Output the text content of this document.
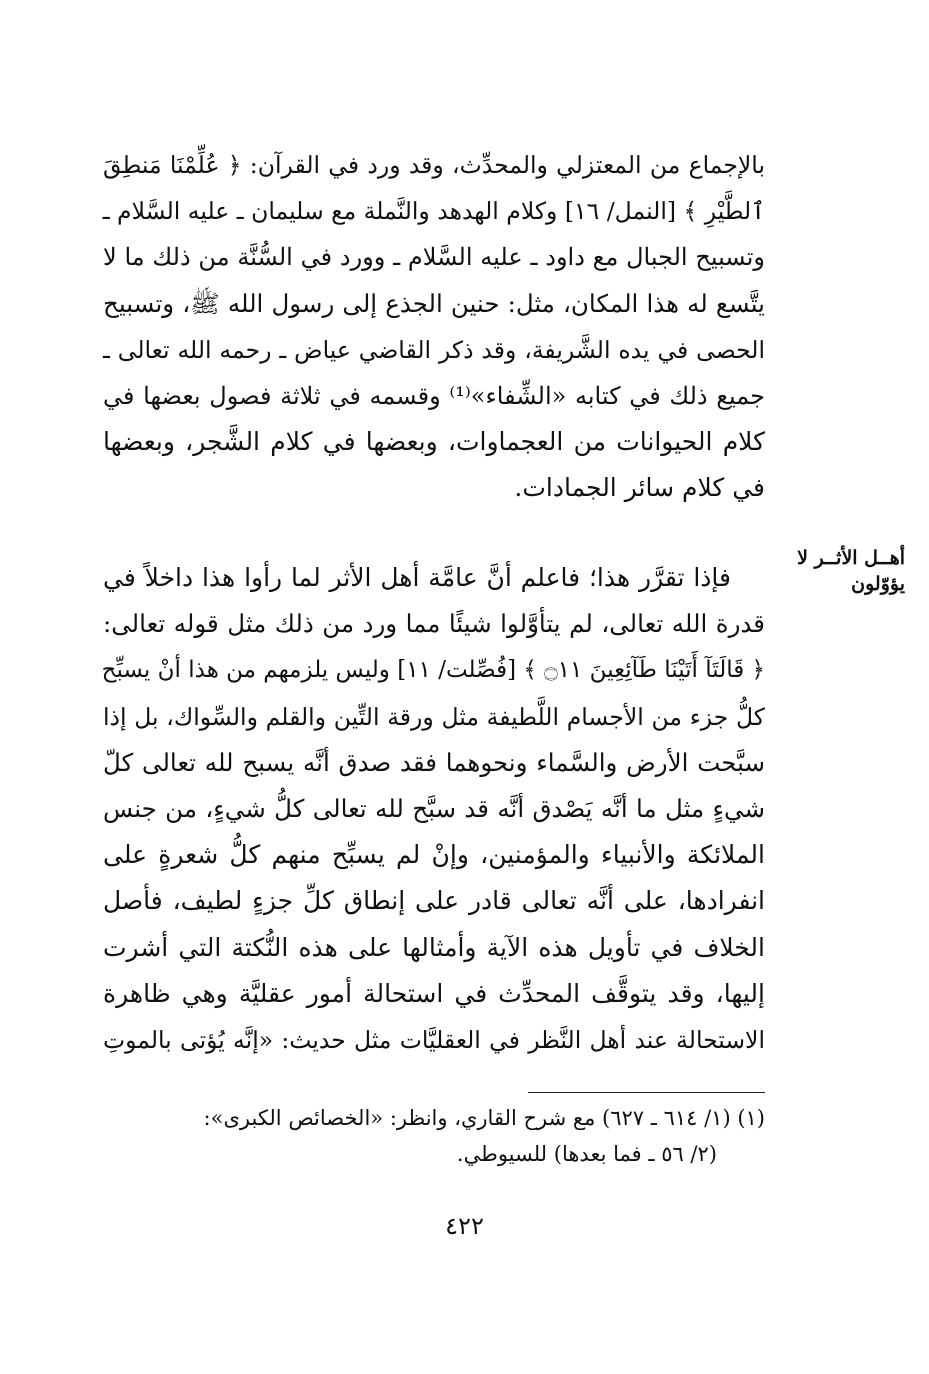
بالإجماع من المعتزلي والمحدِّث، وقد ورد في القرآن: ﴿ عُلِّمْنَا مَنطِقَ
ٱلطَّيْرِ ﴾ [النمل/ ١٦] وكلام الهدهد والنَّملة مع سليمان ـ عليه السَّلام ـ
وتسبيح الجبال مع داود ـ عليه السَّلام ـ وورد في السُّنَّة من ذلك ما لا
يتَّسع له هذا المكان، مثل: حنين الجذع إلى رسول الله ﷺ، وتسبيح
الحصى في يده الشَّريفة، وقد ذكر القاضي عياض ـ رحمه الله تعالى ـ
جميع ذلك في كتابه «الشِّفاء»⁽¹⁾ وقسمه في ثلاثة فصول بعضها في
كلام الحيوانات من العجماوات، وبعضها في كلام الشَّجر، وبعضها
في كلام سائر الجمادات.
أهــل الأثــر لا يؤوّلون
فإذا تقرَّر هذا؛ فاعلم أنَّ عامَّة أهل الأثر لما رأوا هذا داخلاً في
قدرة الله تعالى، لم يتأوَّلوا شيئًا مما ورد من ذلك مثل قوله تعالى:
﴿ قَالَتَآ أَتَيْنَا طَآئِعِينَ ۝١١ ﴾ [فُصِّلت/ ١١] وليس يلزمهم من هذا أنْ يسبِّح
كلُّ جزء من الأجسام اللَّطيفة مثل ورقة التِّين والقلم والسِّواك، بل إذا
سبَّحت الأرض والسَّماء ونحوهما فقد صدق أنَّه يسبح لله تعالى كلّ
شيءٍ مثل ما أنَّه يَصْدق أنَّه قد سبَّح لله تعالى كلُّ شيءٍ، من جنس
الملائكة والأنبياء والمؤمنين، وإنْ لم يسبِّح منهم كلُّ شعرةٍ على
انفرادها، على أنَّه تعالى قادر على إنطاق كلِّ جزءٍ لطيف، فأصل
الخلاف في تأويل هذه الآية وأمثالها على هذه النُّكتة التي أشرت
إليها، وقد يتوقَّف المحدِّث في استحالة أمور عقليَّة وهي ظاهرة
الاستحالة عند أهل النَّظر في العقليَّات مثل حديث: «إنَّه يُؤتى بالموتِ
(١) (١/ ٦١٤ ـ ٦٢٧) مع شرح القاري، وانظر: «الخصائص الكبرى»:
(٢/ ٥٦ ـ فما بعدها) للسيوطي.
٤٢٢
